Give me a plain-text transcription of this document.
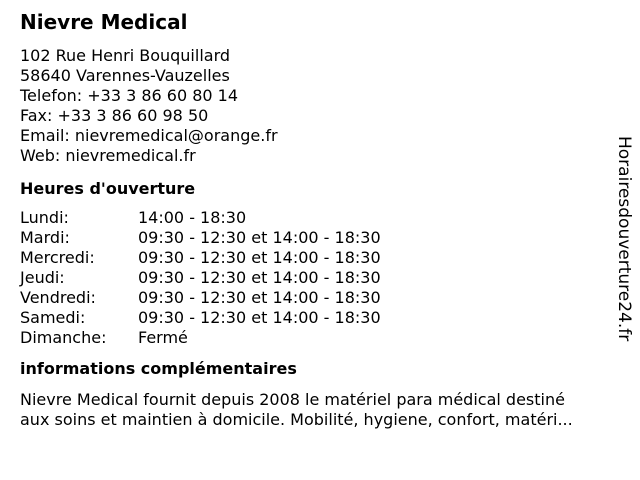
Nievre Medical
102 Rue Henri Bouquillard
58640 Varennes-Vauzelles
Telefon: +33 3 86 60 80 14
Fax: +33 3 86 60 98 50
Email: nievremedical@orange.fr
Web: nievremedical.fr
Heures d'ouverture
Lundi:	14:00 - 18:30
Mardi:	09:30 - 12:30 et 14:00 - 18:30
Mercredi:	09:30 - 12:30 et 14:00 - 18:30
Jeudi:	09:30 - 12:30 et 14:00 - 18:30
Vendredi:	09:30 - 12:30 et 14:00 - 18:30
Samedi:	09:30 - 12:30 et 14:00 - 18:30
Dimanche:	Fermé
informations complémentaires
Nievre Medical fournit depuis 2008 le matériel para médical destiné
aux soins et maintien à domicile. Mobilité, hygiene, confort, matéri...
Horairesdouverture24.fr
